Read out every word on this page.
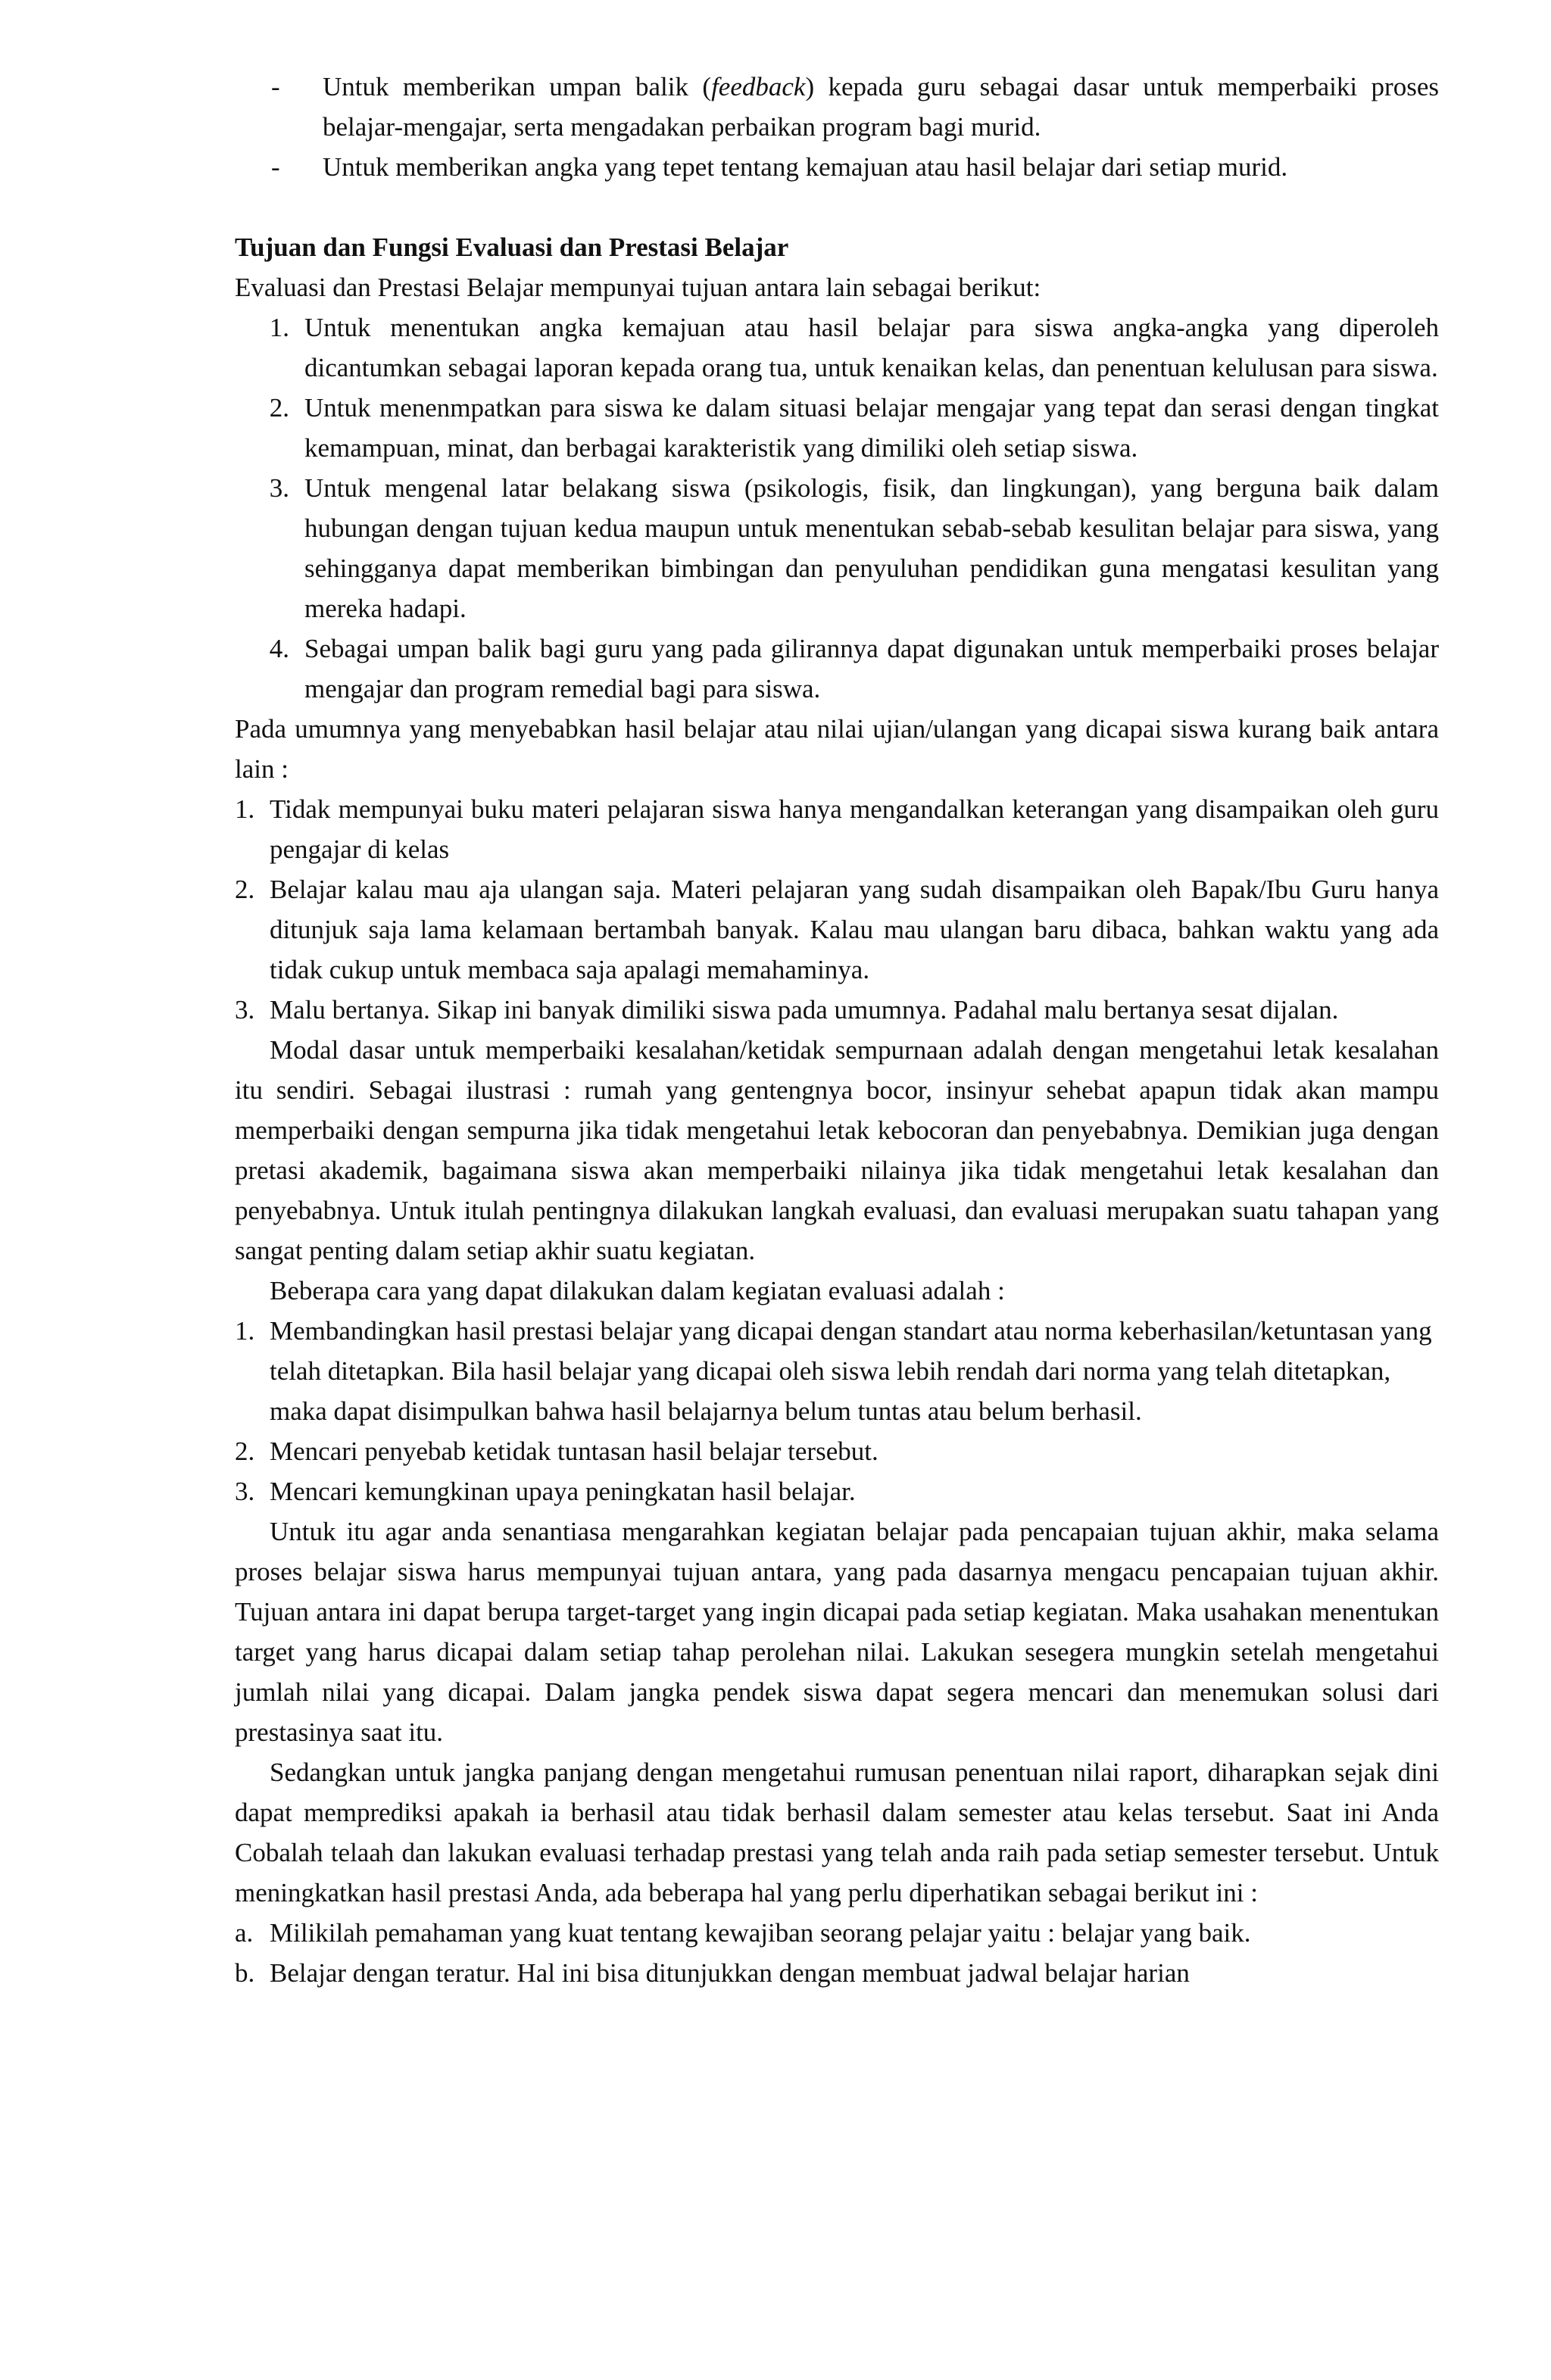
-	Untuk memberikan umpan balik (feedback) kepada guru sebagai dasar untuk memperbaiki proses belajar-mengajar, serta mengadakan perbaikan program bagi murid.
-	Untuk memberikan angka yang tepet tentang kemajuan atau hasil belajar dari setiap murid.
Tujuan dan Fungsi Evaluasi dan Prestasi Belajar
Evaluasi dan Prestasi Belajar mempunyai tujuan antara lain sebagai berikut:
1. Untuk menentukan angka kemajuan atau hasil belajar para siswa angka-angka yang diperoleh dicantumkan sebagai laporan kepada orang tua, untuk kenaikan kelas, dan penentuan kelulusan para siswa.
2. Untuk menenmpatkan para siswa ke dalam situasi belajar mengajar yang tepat dan serasi dengan tingkat kemampuan, minat, dan berbagai karakteristik yang dimiliki oleh setiap siswa.
3. Untuk mengenal latar belakang siswa (psikologis, fisik, dan lingkungan), yang berguna baik dalam hubungan dengan tujuan kedua maupun untuk menentukan sebab-sebab kesulitan belajar para siswa, yang sehingganya dapat memberikan bimbingan dan penyuluhan pendidikan guna mengatasi kesulitan yang mereka hadapi.
4. Sebagai umpan balik bagi guru yang pada gilirannya dapat digunakan untuk memperbaiki proses belajar mengajar dan program remedial bagi para siswa.
Pada umumnya yang menyebabkan hasil belajar atau nilai ujian/ulangan yang dicapai siswa kurang baik antara lain :
1. Tidak mempunyai buku materi pelajaran siswa hanya mengandalkan keterangan yang disampaikan oleh guru pengajar di kelas
2. Belajar kalau mau aja ulangan saja. Materi pelajaran yang sudah disampaikan oleh Bapak/Ibu Guru hanya ditunjuk saja lama kelamaan bertambah banyak. Kalau mau ulangan baru dibaca, bahkan waktu yang ada tidak cukup untuk membaca saja apalagi memahaminya.
3. Malu bertanya. Sikap ini banyak dimiliki siswa pada umumnya. Padahal malu bertanya sesat dijalan.
Modal dasar untuk memperbaiki kesalahan/ketidak sempurnaan adalah dengan mengetahui letak kesalahan itu sendiri. Sebagai ilustrasi : rumah yang gentengnya bocor, insinyur sehebat apapun tidak akan mampu memperbaiki dengan sempurna jika tidak mengetahui letak kebocoran dan penyebabnya. Demikian juga dengan pretasi akademik, bagaimana siswa akan memperbaiki nilainya jika tidak mengetahui letak kesalahan dan penyebabnya. Untuk itulah pentingnya dilakukan langkah evaluasi, dan evaluasi merupakan suatu tahapan yang sangat penting dalam setiap akhir suatu kegiatan.
Beberapa cara yang dapat dilakukan dalam kegiatan evaluasi adalah :
1. Membandingkan hasil prestasi belajar yang dicapai dengan standart atau norma keberhasilan/ketuntasan yang telah ditetapkan. Bila hasil belajar yang dicapai oleh siswa lebih rendah dari norma yang telah ditetapkan, maka dapat disimpulkan bahwa hasil belajarnya belum tuntas atau belum berhasil.
2. Mencari penyebab ketidak tuntasan hasil belajar tersebut.
3. Mencari kemungkinan upaya peningkatan hasil belajar.
Untuk itu agar anda senantiasa mengarahkan kegiatan belajar pada pencapaian tujuan akhir, maka selama proses belajar siswa harus mempunyai tujuan antara, yang pada dasarnya mengacu pencapaian tujuan akhir. Tujuan antara ini dapat berupa target-target yang ingin dicapai pada setiap kegiatan. Maka usahakan menentukan target yang harus dicapai dalam setiap tahap perolehan nilai. Lakukan sesegera mungkin setelah mengetahui jumlah nilai yang dicapai. Dalam jangka pendek siswa dapat segera mencari dan menemukan solusi dari prestasinya saat itu.
Sedangkan untuk jangka panjang dengan mengetahui rumusan penentuan nilai raport, diharapkan sejak dini dapat memprediksi apakah ia berhasil atau tidak berhasil dalam semester atau kelas tersebut. Saat ini Anda Cobalah telaah dan lakukan evaluasi terhadap prestasi yang telah anda raih pada setiap semester tersebut. Untuk meningkatkan hasil prestasi Anda, ada beberapa hal yang perlu diperhatikan sebagai berikut ini :
a. Milikilah pemahaman yang kuat tentang kewajiban seorang pelajar yaitu : belajar yang baik.
b. Belajar dengan teratur. Hal ini bisa ditunjukkan dengan membuat jadwal belajar harian
